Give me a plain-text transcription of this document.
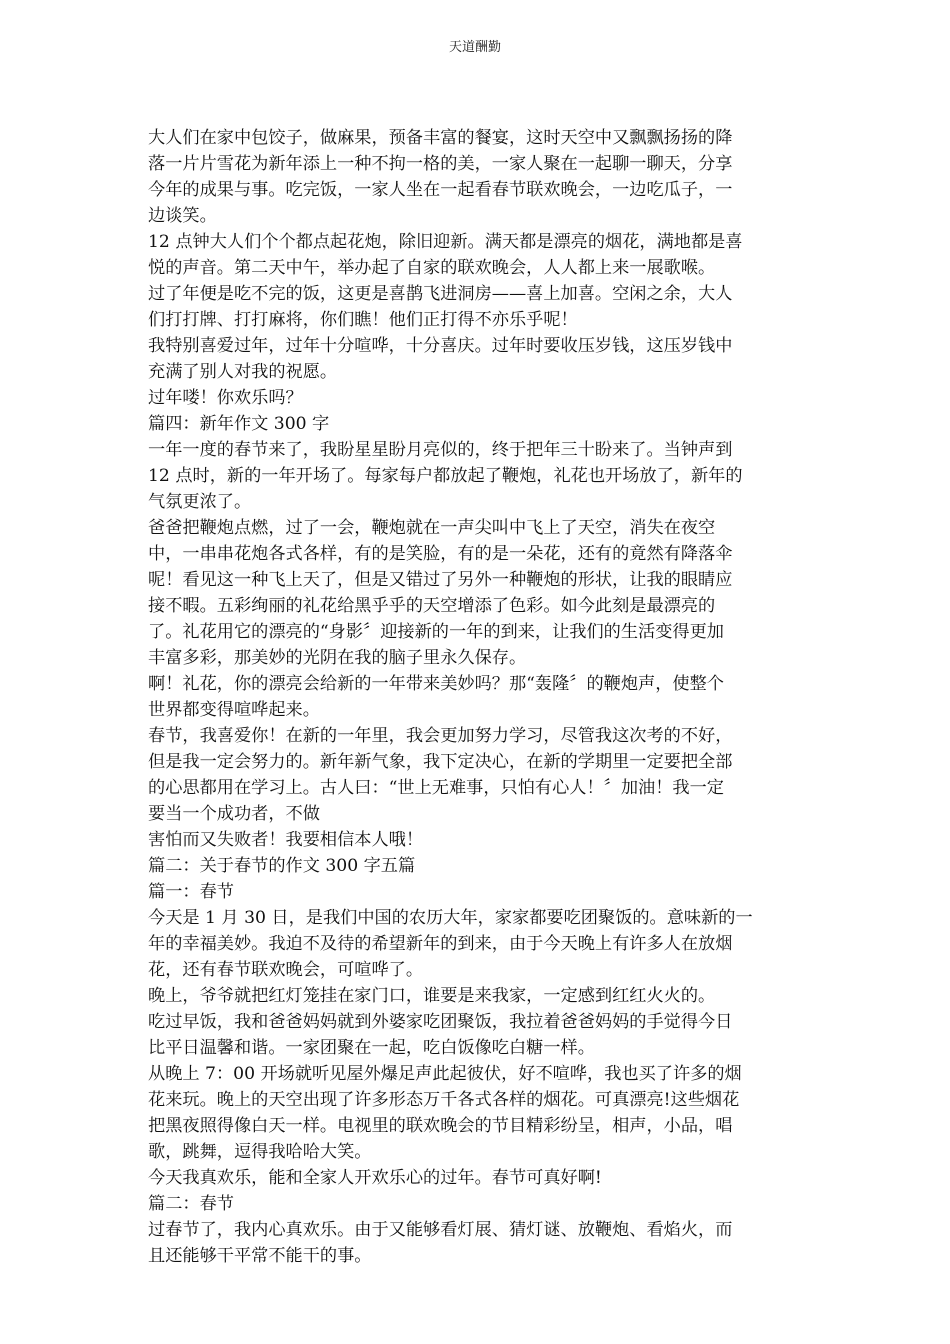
天道酬勤

大人们在家中包饺子，做麻果，预备丰富的餐宴，这时天空中又飘飘扬扬的降
落一片片雪花为新年添上一种不拘一格的美，一家人聚在一起聊一聊天，分享
今年的成果与事。吃完饭，一家人坐在一起看春节联欢晚会，一边吃瓜子，一
边谈笑。

12 点钟大人们个个都点起花炮，除旧迎新。满天都是漂亮的烟花，满地都是喜
悦的声音。第二天中午，举办起了自家的联欢晚会，人人都上来一展歌喉。

过了年便是吃不完的饭，这更是喜鹊飞进洞房——喜上加喜。空闲之余，大人
们打打牌、打打麻将，你们瞧！他们正打得不亦乐乎呢！

我特别喜爱过年，过年十分喧哗，十分喜庆。过年时要收压岁钱，这压岁钱中
充满了别人对我的祝愿。

过年喽！你欢乐吗？

篇四：新年作文 300 字

一年一度的春节来了，我盼星星盼月亮似的，终于把年三十盼来了。当钟声到
12 点时，新的一年开场了。每家每户都放起了鞭炮，礼花也开场放了，新年的
气氛更浓了。

爸爸把鞭炮点燃，过了一会，鞭炮就在一声尖叫中飞上了天空，消失在夜空
中，一串串花炮各式各样，有的是笑脸，有的是一朵花，还有的竟然有降落伞
呢！看见这一种飞上天了，但是又错过了另外一种鞭炮的形状，让我的眼睛应
接不暇。五彩绚丽的礼花给黑乎乎的天空增添了色彩。如今此刻是最漂亮的
了。礼花用它的漂亮的“身影〞迎接新的一年的到来，让我们的生活变得更加
丰富多彩，那美妙的光阴在我的脑子里永久保存。

啊！礼花，你的漂亮会给新的一年带来美妙吗？那“轰隆〞的鞭炮声，使整个
世界都变得喧哗起来。

春节，我喜爱你！在新的一年里，我会更加努力学习，尽管我这次考的不好，
但是我一定会努力的。新年新气象，我下定决心，在新的学期里一定要把全部
的心思都用在学习上。古人曰：“世上无难事，只怕有心人！〞加油！我一定
要当一个成功者，不做

害怕而又失败者！我要相信本人哦！

篇二：关于春节的作文 300 字五篇

篇一：春节

今天是 1 月 30 日，是我们中国的农历大年，家家都要吃团聚饭的。意味新的一
年的幸福美妙。我迫不及待的希望新年的到来，由于今天晚上有许多人在放烟
花，还有春节联欢晚会，可喧哗了。

晚上，爷爷就把红灯笼挂在家门口，谁要是来我家，一定感到红红火火的。

吃过早饭，我和爸爸妈妈就到外婆家吃团聚饭，我拉着爸爸妈妈的手觉得今日
比平日温馨和谐。一家团聚在一起，吃白饭像吃白糖一样。

从晚上 7：00 开场就听见屋外爆足声此起彼伏，好不喧哗，我也买了许多的烟
花来玩。晚上的天空出现了许多形态万千各式各样的烟花。可真漂亮!这些烟花
把黑夜照得像白天一样。电视里的联欢晚会的节目精彩纷呈，相声，小品，唱
歌，跳舞，逗得我哈哈大笑。

今天我真欢乐，能和全家人开欢乐心的过年。春节可真好啊!

篇二：春节

过春节了，我内心真欢乐。由于又能够看灯展、猜灯谜、放鞭炮、看焰火，而
且还能够干平常不能干的事。
